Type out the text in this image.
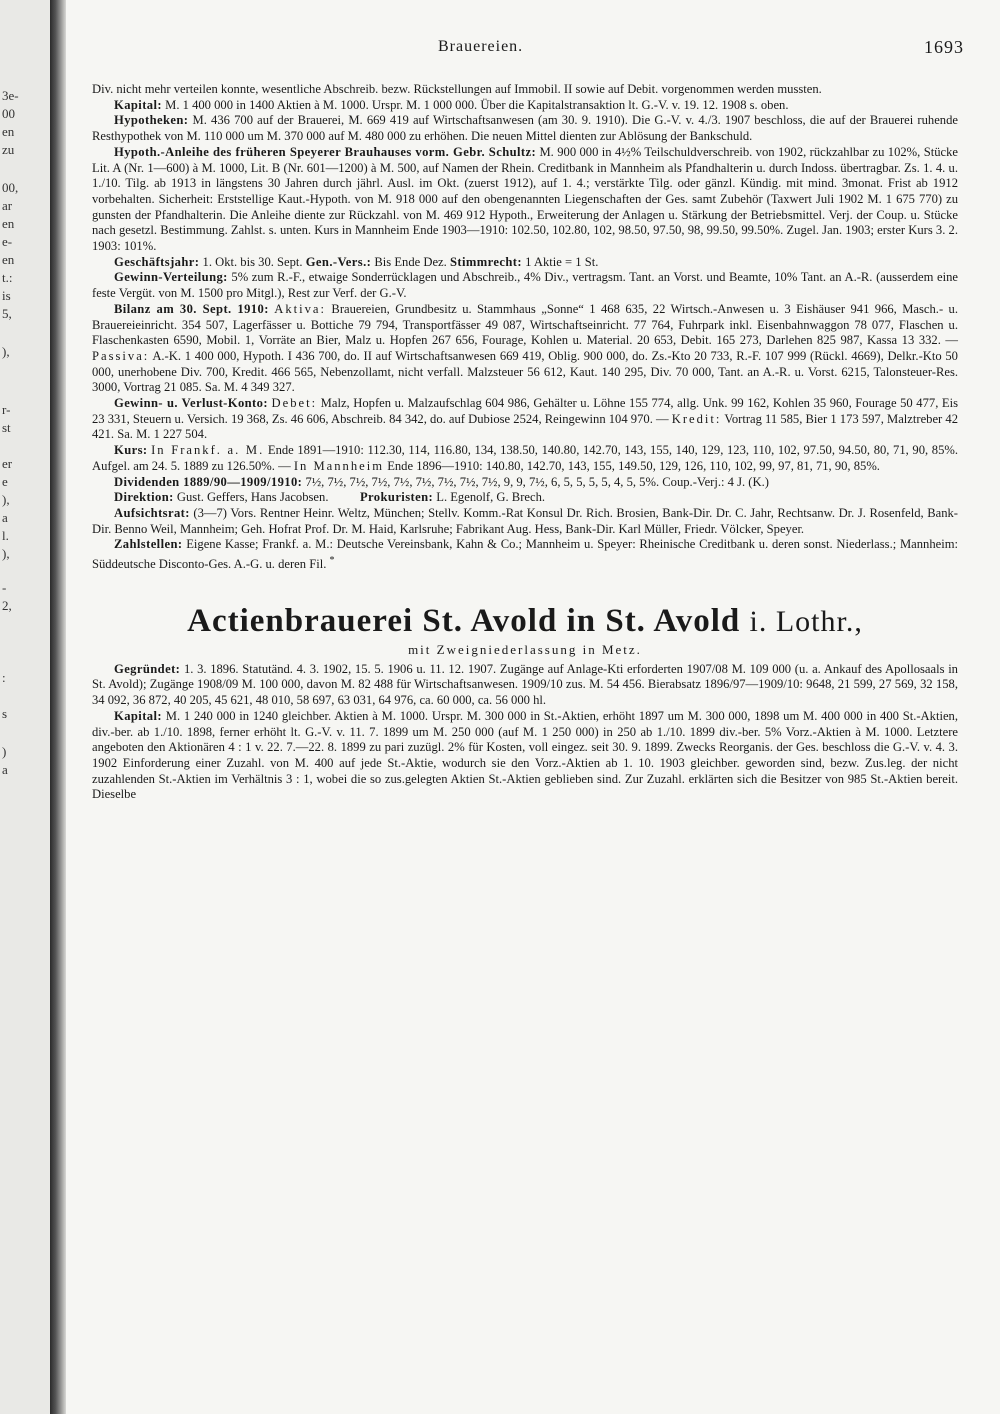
3e-
00
en
zu
00,
ar
en
e-
en
t.:
is
5,
),
r-
st
er
e
),
a
l.
),
-
2,
:
s
)
a
Brauereien.	1693

Div. nicht mehr verteilen konnte, wesentliche Abschreib. bezw. Rückstellungen auf Immobil. II sowie auf Debit. vorgenommen werden mussten.

Kapital: M. 1 400 000 in 1400 Aktien à M. 1000. Urspr. M. 1 000 000. Über die Kapitalstransaktion lt. G.-V. v. 19. 12. 1908 s. oben.

Hypotheken: M. 436 700 auf der Brauerei, M. 669 419 auf Wirtschaftsanwesen (am 30. 9. 1910). Die G.-V. v. 4./3. 1907 beschloss, die auf der Brauerei ruhende Resthypothek von M. 110 000 um M. 370 000 auf M. 480 000 zu erhöhen. Die neuen Mittel dienten zur Ablösung der Bankschuld.

Hypoth.-Anleihe des früheren Speyerer Brauhauses vorm. Gebr. Schultz: M. 900 000 in 4½% Teilschuldverschreib. von 1902, rückzahlbar zu 102%, Stücke Lit. A (Nr. 1—600) à M. 1000, Lit. B (Nr. 601—1200) à M. 500, auf Namen der Rhein. Creditbank in Mannheim als Pfandhalterin u. durch Indoss. übertragbar. Zs. 1. 4. u. 1./10. Tilg. ab 1913 in längstens 30 Jahren durch jährl. Ausl. im Okt. (zuerst 1912), auf 1. 4.; verstärkte Tilg. oder gänzl. Kündig. mit mind. 3monat. Frist ab 1912 vorbehalten. Sicherheit: Erststellige Kaut.-Hypoth. von M. 918 000 auf den obengenannten Liegenschaften der Ges. samt Zubehör (Taxwert Juli 1902 M. 1 675 770) zu gunsten der Pfandhalterin. Die Anleihe diente zur Rückzahl. von M. 469 912 Hypoth., Erweiterung der Anlagen u. Stärkung der Betriebsmittel. Verj. der Coup. u. Stücke nach gesetzl. Bestimmung. Zahlst. s. unten. Kurs in Mannheim Ende 1903—1910: 102.50, 102.80, 102, 98.50, 97.50, 98, 99.50, 99.50%. Zugel. Jan. 1903; erster Kurs 3. 2. 1903: 101%.

Geschäftsjahr: 1. Okt. bis 30. Sept. Gen.-Vers.: Bis Ende Dez. Stimmrecht: 1 Aktie = 1 St.

Gewinn-Verteilung: 5% zum R.-F., etwaige Sonderrücklagen und Abschreib., 4% Div., vertragsm. Tant. an Vorst. und Beamte, 10% Tant. an A.-R. (ausserdem eine feste Vergüt. von M. 1500 pro Mitgl.), Rest zur Verf. der G.-V.

Bilanz am 30. Sept. 1910: Aktiva: Brauereien, Grundbesitz u. Stammhaus „Sonne“ 1 468 635, 22 Wirtsch.-Anwesen u. 3 Eishäuser 941 966, Masch.- u. Brauereieinricht. 354 507, Lagerfässer u. Bottiche 79 794, Transportfässer 49 087, Wirtschaftseinricht. 77 764, Fuhrpark inkl. Eisenbahnwaggon 78 077, Flaschen u. Flaschenkasten 6590, Mobil. 1, Vorräte an Bier, Malz u. Hopfen 267 656, Fourage, Kohlen u. Material. 20 653, Debit. 165 273, Darlehen 825 987, Kassa 13 332. — Passiva: A.-K. 1 400 000, Hypoth. I 436 700, do. II auf Wirtschaftsanwesen 669 419, Oblig. 900 000, do. Zs.-Kto 20 733, R.-F. 107 999 (Rückl. 4669), Delkr.-Kto 50 000, unerhobene Div. 700, Kredit. 466 565, Nebenzollamt, nicht verfall. Malzsteuer 56 612, Kaut. 140 295, Div. 70 000, Tant. an A.-R. u. Vorst. 6215, Talonsteuer-Res. 3000, Vortrag 21 085. Sa. M. 4 349 327.

Gewinn- u. Verlust-Konto: Debet: Malz, Hopfen u. Malzaufschlag 604 986, Gehälter u. Löhne 155 774, allg. Unk. 99 162, Kohlen 35 960, Fourage 50 477, Eis 23 331, Steuern u. Versich. 19 368, Zs. 46 606, Abschreib. 84 342, do. auf Dubiose 2524, Reingewinn 104 970. — Kredit: Vortrag 11 585, Bier 1 173 597, Malztreber 42 421. Sa. M. 1 227 504.

Kurs: In Frankf. a. M. Ende 1891—1910: 112.30, 114, 116.80, 134, 138.50, 140.80, 142.70, 143, 155, 140, 129, 123, 110, 102, 97.50, 94.50, 80, 71, 90, 85%. Aufgel. am 24. 5. 1889 zu 126.50%. — In Mannheim Ende 1896—1910: 140.80, 142.70, 143, 155, 149.50, 129, 126, 110, 102, 99, 97, 81, 71, 90, 85%.

Dividenden 1889/90—1909/1910: 7½, 7½, 7½, 7½, 7½, 7½, 7½, 7½, 7½, 9, 9, 7½, 6, 5, 5, 5, 5, 4, 5, 5%. Coup.-Verj.: 4 J. (K.)

Direktion: Gust. Geffers, Hans Jacobsen. Prokuristen: L. Egenolf, G. Brech.

Aufsichtsrat: (3—7) Vors. Rentner Heinr. Weltz, München; Stellv. Komm.-Rat Konsul Dr. Rich. Brosien, Bank-Dir. Dr. C. Jahr, Rechtsanw. Dr. J. Rosenfeld, Bank-Dir. Benno Weil, Mannheim; Geh. Hofrat Prof. Dr. M. Haid, Karlsruhe; Fabrikant Aug. Hess, Bank-Dir. Karl Müller, Friedr. Völcker, Speyer.

Zahlstellen: Eigene Kasse; Frankf. a. M.: Deutsche Vereinsbank, Kahn & Co.; Mannheim u. Speyer: Rheinische Creditbank u. deren sonst. Niederlass.; Mannheim: Süddeutsche Disconto-Ges. A.-G. u. deren Fil. *

Actienbrauerei St. Avold in St. Avold i. Lothr.,
mit Zweigniederlassung in Metz.

Gegründet: 1. 3. 1896. Statutänd. 4. 3. 1902, 15. 5. 1906 u. 11. 12. 1907. Zugänge auf Anlage-Kti erforderten 1907/08 M. 109 000 (u. a. Ankauf des Apollosaals in St. Avold); Zugänge 1908/09 M. 100 000, davon M. 82 488 für Wirtschaftsanwesen. 1909/10 zus. M. 54 456. Bierabsatz 1896/97—1909/10: 9648, 21 599, 27 569, 32 158, 34 092, 36 872, 40 205, 45 621, 48 010, 58 697, 63 031, 64 976, ca. 60 000, ca. 56 000 hl.

Kapital: M. 1 240 000 in 1240 gleichber. Aktien à M. 1000. Urspr. M. 300 000 in St.-Aktien, erhöht 1897 um M. 300 000, 1898 um M. 400 000 in 400 St.-Aktien, div.-ber. ab 1./10. 1898, ferner erhöht lt. G.-V. v. 11. 7. 1899 um M. 250 000 (auf M. 1 250 000) in 250 ab 1./10. 1899 div.-ber. 5% Vorz.-Aktien à M. 1000. Letztere angeboten den Aktionären 4 : 1 v. 22. 7.—22. 8. 1899 zu pari zuzügl. 2% für Kosten, voll eingez. seit 30. 9. 1899. Zwecks Reorganis. der Ges. beschloss die G.-V. v. 4. 3. 1902 Einforderung einer Zuzahl. von M. 400 auf jede St.-Aktie, wodurch sie den Vorz.-Aktien ab 1. 10. 1903 gleichber. geworden sind, bezw. Zus.leg. der nicht zuzahlenden St.-Aktien im Verhältnis 3 : 1, wobei die so zus.gelegten Aktien St.-Aktien geblieben sind. Zur Zuzahl. erklärten sich die Besitzer von 985 St.-Aktien bereit. Dieselbe
